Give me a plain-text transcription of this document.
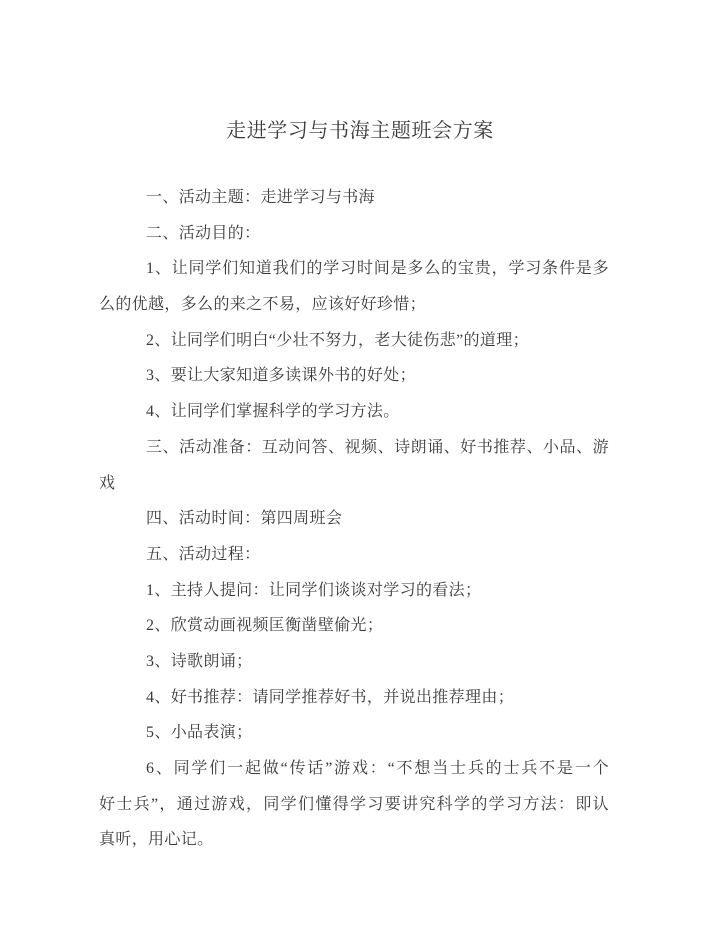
走进学习与书海主题班会方案
一、活动主题：走进学习与书海
二、活动目的：
1、让同学们知道我们的学习时间是多么的宝贵，学习条件是多
么的优越，多么的来之不易，应该好好珍惜；
2、让同学们明白“少壮不努力，老大徒伤悲”的道理；
3、要让大家知道多读课外书的好处；
4、让同学们掌握科学的学习方法。
三、活动准备：互动问答、视频、诗朗诵、好书推荐、小品、游
戏
四、活动时间：第四周班会
五、活动过程：
1、主持人提问：让同学们谈谈对学习的看法；
2、欣赏动画视频匡衡凿壁偷光；
3、诗歌朗诵；
4、好书推荐：请同学推荐好书，并说出推荐理由；
5、小品表演；
6、同学们一起做“传话”游戏：“不想当士兵的士兵不是一个
好士兵”，通过游戏，同学们懂得学习要讲究科学的学习方法：即认
真听，用心记。
